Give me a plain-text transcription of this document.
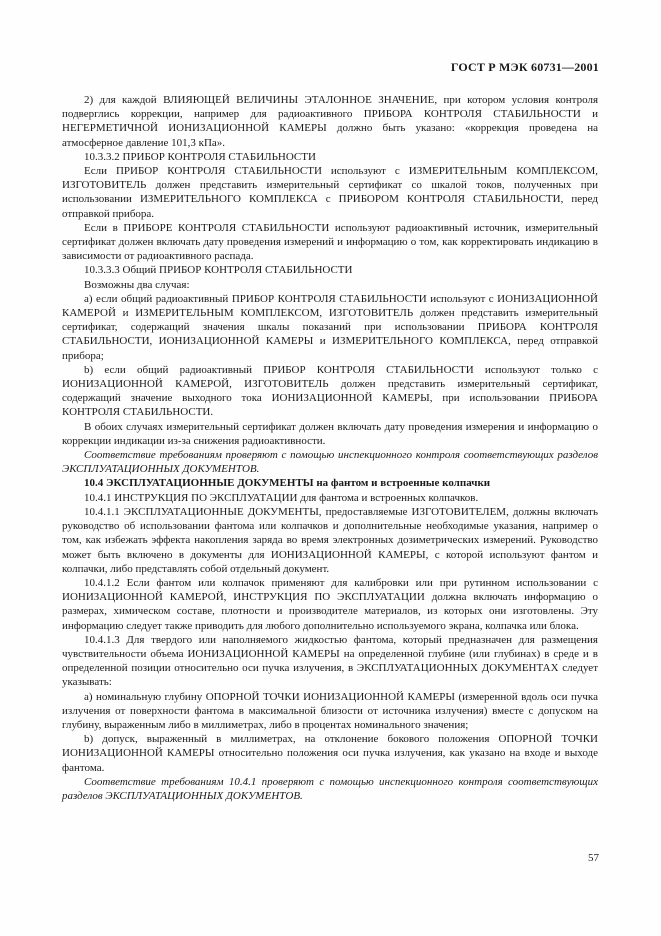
ГОСТ Р МЭК 60731—2001

2) для каждой ВЛИЯЮЩЕЙ ВЕЛИЧИНЫ ЭТАЛОННОЕ ЗНАЧЕНИЕ, при котором условия контроля подверглись коррекции, например для радиоактивного ПРИБОРА КОНТРОЛЯ СТАБИЛЬНОСТИ и НЕГЕРМЕТИЧНОЙ ИОНИЗАЦИОННОЙ КАМЕРЫ должно быть указано: «коррекция проведена на атмосферное давление 101,3 кПа».

10.3.3.2 ПРИБОР КОНТРОЛЯ СТАБИЛЬНОСТИ

Если ПРИБОР КОНТРОЛЯ СТАБИЛЬНОСТИ используют с ИЗМЕРИТЕЛЬНЫМ КОМПЛЕКСОМ, ИЗГОТОВИТЕЛЬ должен представить измерительный сертификат со шкалой токов, полученных при использовании ИЗМЕРИТЕЛЬНОГО КОМПЛЕКСА с ПРИБОРОМ КОНТРОЛЯ СТАБИЛЬНОСТИ, перед отправкой прибора.

Если в ПРИБОРЕ КОНТРОЛЯ СТАБИЛЬНОСТИ используют радиоактивный источник, измерительный сертификат должен включать дату проведения измерений и информацию о том, как корректировать индикацию в зависимости от радиоактивного распада.

10.3.3.3 Общий ПРИБОР КОНТРОЛЯ СТАБИЛЬНОСТИ

Возможны два случая:

а) если общий радиоактивный ПРИБОР КОНТРОЛЯ СТАБИЛЬНОСТИ используют с ИОНИЗАЦИОННОЙ КАМЕРОЙ и ИЗМЕРИТЕЛЬНЫМ КОМПЛЕКСОМ, ИЗГОТОВИТЕЛЬ должен представить измерительный сертификат, содержащий значения шкалы показаний при использовании ПРИБОРА КОНТРОЛЯ СТАБИЛЬНОСТИ, ИОНИЗАЦИОННОЙ КАМЕРЫ и ИЗМЕРИТЕЛЬНОГО КОМПЛЕКСА, перед отправкой прибора;

b) если общий радиоактивный ПРИБОР КОНТРОЛЯ СТАБИЛЬНОСТИ используют только с ИОНИЗАЦИОННОЙ КАМЕРОЙ, ИЗГОТОВИТЕЛЬ должен представить измерительный сертификат, содержащий значение выходного тока ИОНИЗАЦИОННОЙ КАМЕРЫ, при использовании ПРИБОРА КОНТРОЛЯ СТАБИЛЬНОСТИ.

В обоих случаях измерительный сертификат должен включать дату проведения измерения и информацию о коррекции индикации из-за снижения радиоактивности.

Соответствие требованиям проверяют с помощью инспекционного контроля соответствующих разделов ЭКСПЛУАТАЦИОННЫХ ДОКУМЕНТОВ.

10.4 ЭКСПЛУАТАЦИОННЫЕ ДОКУМЕНТЫ на фантом и встроенные колпачки

10.4.1 ИНСТРУКЦИЯ ПО ЭКСПЛУАТАЦИИ для фантома и встроенных колпачков.

10.4.1.1 ЭКСПЛУАТАЦИОННЫЕ ДОКУМЕНТЫ, предоставляемые ИЗГОТОВИТЕЛЕМ, должны включать руководство об использовании фантома или колпачков и дополнительные необходимые указания, например о том, как избежать эффекта накопления заряда во время электронных дозиметрических измерений. Руководство может быть включено в документы для ИОНИЗАЦИОННОЙ КАМЕРЫ, с которой используют фантом и колпачки, либо представлять собой отдельный документ.

10.4.1.2 Если фантом или колпачок применяют для калибровки или при рутинном использовании с ИОНИЗАЦИОННОЙ КАМЕРОЙ, ИНСТРУКЦИЯ ПО ЭКСПЛУАТАЦИИ должна включать информацию о размерах, химическом составе, плотности и производителе материалов, из которых они изготовлены. Эту информацию следует также приводить для любого дополнительно используемого экрана, колпачка или блока.

10.4.1.3 Для твердого или наполняемого жидкостью фантома, который предназначен для размещения чувствительности объема ИОНИЗАЦИОННОЙ КАМЕРЫ на определенной глубине (или глубинах) в среде и в определенной позиции относительно оси пучка излучения, в ЭКСПЛУАТАЦИОННЫХ ДОКУМЕНТАХ следует указывать:

а) номинальную глубину ОПОРНОЙ ТОЧКИ ИОНИЗАЦИОННОЙ КАМЕРЫ (измеренной вдоль оси пучка излучения от поверхности фантома в максимальной близости от источника излучения) вместе с допуском на глубину, выраженным либо в миллиметрах, либо в процентах номинального значения;

b) допуск, выраженный в миллиметрах, на отклонение бокового положения ОПОРНОЙ ТОЧКИ ИОНИЗАЦИОННОЙ КАМЕРЫ относительно положения оси пучка излучения, как указано на входе и выходе фантома.

Соответствие требованиям 10.4.1 проверяют с помощью инспекционного контроля соответствующих разделов ЭКСПЛУАТАЦИОННЫХ ДОКУМЕНТОВ.

57
